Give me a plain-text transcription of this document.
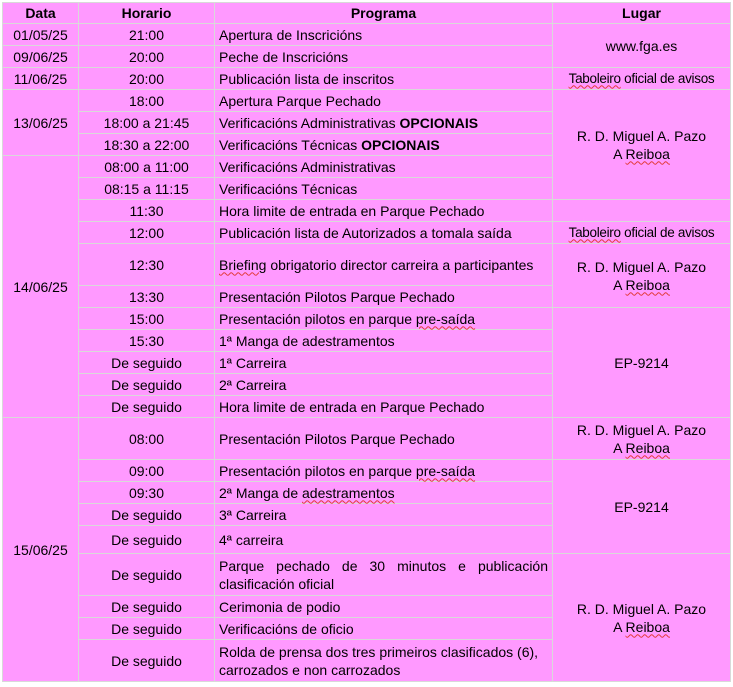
Data	Horario	Programa	Lugar
01/05/25	21:00	Apertura de Inscricións	www.fga.es
09/06/25	20:00	Peche de Inscricións	
11/06/25	20:00	Publicación lista de inscritos	Taboleiro oficial de avisos
13/06/25	18:00	Apertura Parque Pechado	R. D. Miguel A. Pazo
A Reiboa

	18:00 a 21:45	Verificacións Administrativas OPCIONAIS	
	18:30 a 22:00	Verificacións Técnicas OPCIONAIS	
14/06/25	08:00 a 11:00	Verificacións Administrativas	
	08:15 a 11:15	Verificacións Técnicas	
	11:30	Hora limite de entrada en Parque Pechado	
	12:00	Publicación lista de Autorizados a tomala saída	Taboleiro oficial de avisos
	12:30	Briefing obrigatorio director carreira a participantes	R. D. Miguel A. Pazo
A Reiboa

	13:30	Presentación Pilotos Parque Pechado	
	15:00	Presentación pilotos en parque pre-saída	EP-9214
	15:30	1ª Manga de adestramentos	
	De seguido	1ª Carreira	
	De seguido	2ª Carreira	
	De seguido	Hora limite de entrada en Parque Pechado	
15/06/25	08:00	Presentación Pilotos Parque Pechado	R. D. Miguel A. Pazo
A Reiboa

	09:00	Presentación pilotos en parque pre-saída	EP-9214
	09:30	2ª Manga de adestramentos	
	De seguido	3ª Carreira	
	De seguido	4ª carreira	
	De seguido	Parque pechado de 30 minutos e publicación clasificación oficial	R. D. Miguel A. Pazo
A Reiboa

	De seguido	Cerimonia de podio	
	De seguido	Verificacións de oficio	
	De seguido	Rolda de prensa dos tres primeiros clasificados (6), carrozados e non carrozados	
